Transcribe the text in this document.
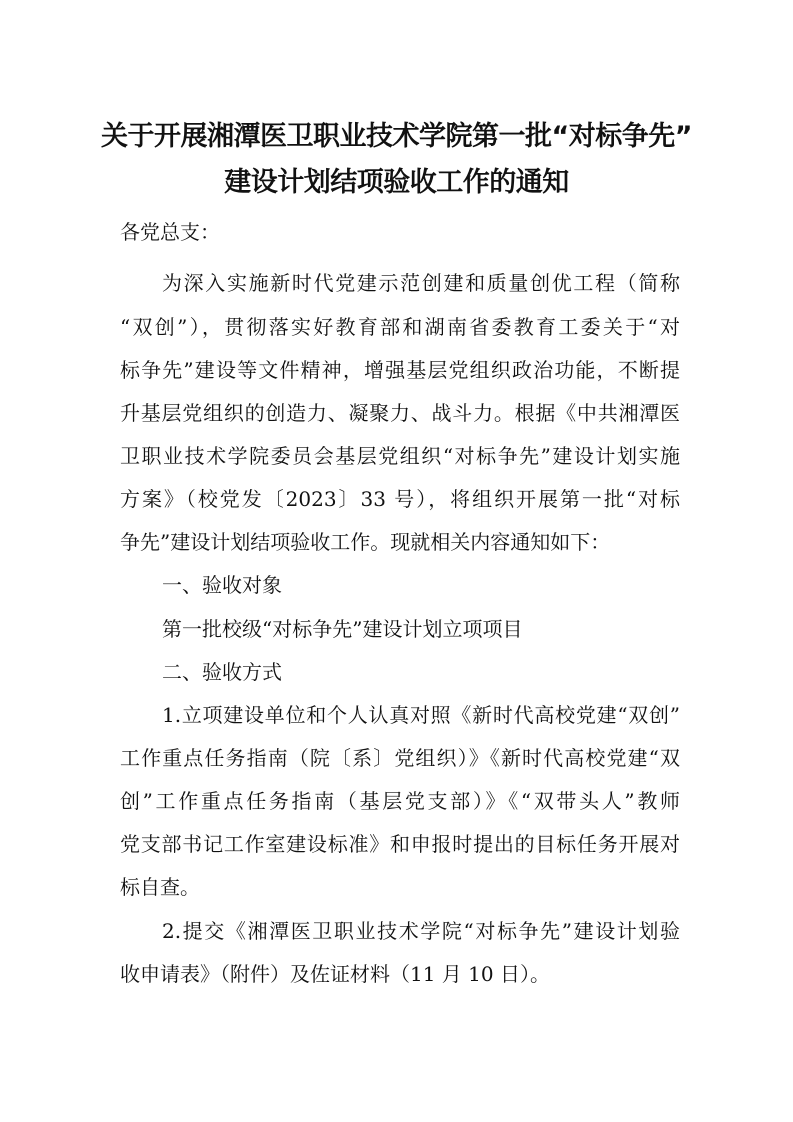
关于开展湘潭医卫职业技术学院第一批“对标争先”
建设计划结项验收工作的通知
各党总支：
为深入实施新时代党建示范创建和质量创优工程（简称
“双创”），贯彻落实好教育部和湖南省委教育工委关于“对
标争先”建设等文件精神，增强基层党组织政治功能，不断提
升基层党组织的创造力、凝聚力、战斗力。根据《中共湘潭医
卫职业技术学院委员会基层党组织“对标争先”建设计划实施
方案》（校党发〔2023〕33 号），将组织开展第一批“对标
争先”建设计划结项验收工作。现就相关内容通知如下：
一、验收对象
第一批校级“对标争先”建设计划立项项目
二、验收方式
1.立项建设单位和个人认真对照《新时代高校党建“双创”
工作重点任务指南（院〔系〕党组织）》《新时代高校党建“双
创”工作重点任务指南（基层党支部）》《“双带头人”教师
党支部书记工作室建设标准》和申报时提出的目标任务开展对
标自查。
2.提交《湘潭医卫职业技术学院“对标争先”建设计划验
收申请表》（附件）及佐证材料（11 月 10 日）。
